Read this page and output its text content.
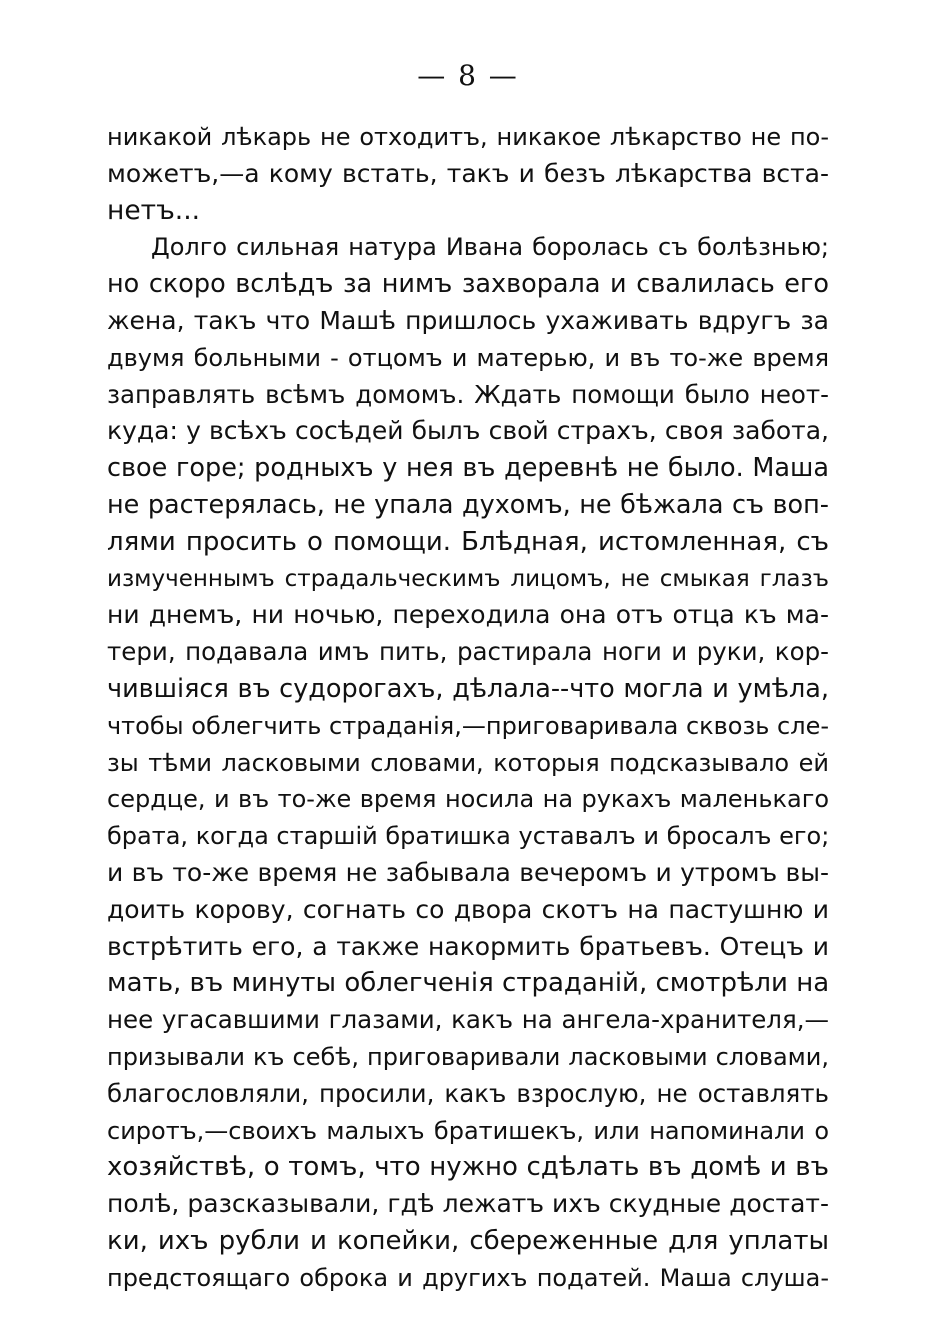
— 8 —
никакой лѣкарь не отходитъ, никакое лѣкарство не по-
можетъ,—а кому встать, такъ и безъ лѣкарства вста-
нетъ...
Долго сильная натура Ивана боролась съ болѣзнью;
но скоро вслѣдъ за нимъ захворала и свалилась его
жена, такъ что Машѣ пришлось ухаживать вдругъ за
двумя больными - отцомъ и матерью, и въ то-же время
заправлять всѣмъ домомъ. Ждать помощи было неот-
куда: у всѣхъ сосѣдей былъ свой страхъ, своя забота,
свое горе; родныхъ у нея въ деревнѣ не было. Маша
не растерялась, не упала духомъ, не бѣжала съ воп-
лями просить о помощи. Блѣдная, истомленная, съ
измученнымъ страдальческимъ лицомъ, не смыкая глазъ
ни днемъ, ни ночью, переходила она отъ отца къ ма-
тери, подавала имъ пить, растирала ноги и руки, кор-
чившіяся въ судорогахъ, дѣлала--что могла и умѣла,
чтобы облегчить страданія,—приговаривала сквозь сле-
зы тѣми ласковыми словами, которыя подсказывало ей
сердце, и въ то-же время носила на рукахъ маленькаго
брата, когда старшій братишка уставалъ и бросалъ его;
и въ то-же время не забывала вечеромъ и утромъ вы-
доить корову, согнать со двора скотъ на пастушню и
встрѣтить его, а также накормить братьевъ. Отецъ и
мать, въ минуты облегченія страданій, смотрѣли на
нее угасавшими глазами, какъ на ангела-хранителя,—
призывали къ себѣ, приговаривали ласковыми словами,
благословляли, просили, какъ взрослую, не оставлять
сиротъ,—своихъ малыхъ братишекъ, или напоминали о
хозяйствѣ, о томъ, что нужно сдѣлать въ домѣ и въ
полѣ, разсказывали, гдѣ лежатъ ихъ скудные достат-
ки, ихъ рубли и копейки, сбереженные для уплаты
предстоящаго оброка и другихъ податей. Маша слуша-
